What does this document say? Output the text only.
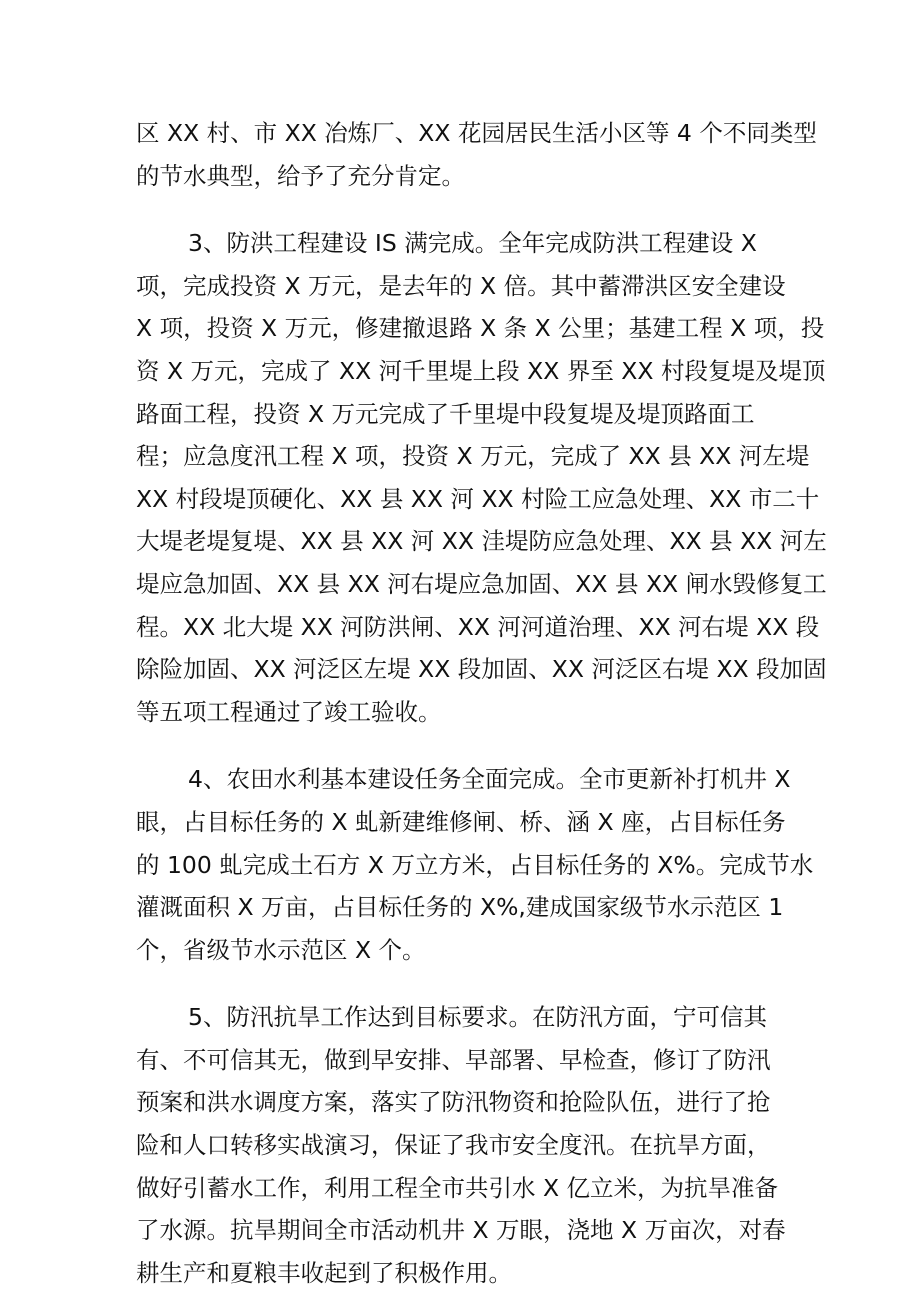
区 XX 村、市 XX 冶炼厂、XX 花园居民生活小区等 4 个不同类型
的节水典型，给予了充分肯定。
3、防洪工程建设 IS 满完成。全年完成防洪工程建设 X
项，完成投资 X 万元，是去年的 X 倍。其中蓄滞洪区安全建设
X 项，投资 X 万元，修建撤退路 X 条 X 公里；基建工程 X 项，投
资 X 万元，完成了 XX 河千里堤上段 XX 界至 XX 村段复堤及堤顶
路面工程，投资 X 万元完成了千里堤中段复堤及堤顶路面工
程；应急度汛工程 X 项，投资 X 万元，完成了 XX 县 XX 河左堤
XX 村段堤顶硬化、XX 县 XX 河 XX 村险工应急处理、XX 市二十
大堤老堤复堤、XX 县 XX 河 XX 洼堤防应急处理、XX 县 XX 河左
堤应急加固、XX 县 XX 河右堤应急加固、XX 县 XX 闸水毁修复工
程。XX 北大堤 XX 河防洪闸、XX 河河道治理、XX 河右堤 XX 段
除险加固、XX 河泛区左堤 XX 段加固、XX 河泛区右堤 XX 段加固
等五项工程通过了竣工验收。
4、农田水利基本建设任务全面完成。全市更新补打机井 X
眼，占目标任务的 X 虬新建维修闸、桥、涵 X 座，占目标任务
的 100 虬完成土石方 X 万立方米，占目标任务的 X%。完成节水
灌溉面积 X 万亩，占目标任务的 X%,建成国家级节水示范区 1
个，省级节水示范区 X 个。
5、防汛抗旱工作达到目标要求。在防汛方面，宁可信其
有、不可信其无，做到早安排、早部署、早检查，修订了防汛
预案和洪水调度方案，落实了防汛物资和抢险队伍，进行了抢
险和人口转移实战演习，保证了我市安全度汛。在抗旱方面，
做好引蓄水工作，利用工程全市共引水 X 亿立米，为抗旱准备
了水源。抗旱期间全市活动机井 X 万眼，浇地 X 万亩次，对春
耕生产和夏粮丰收起到了积极作用。
